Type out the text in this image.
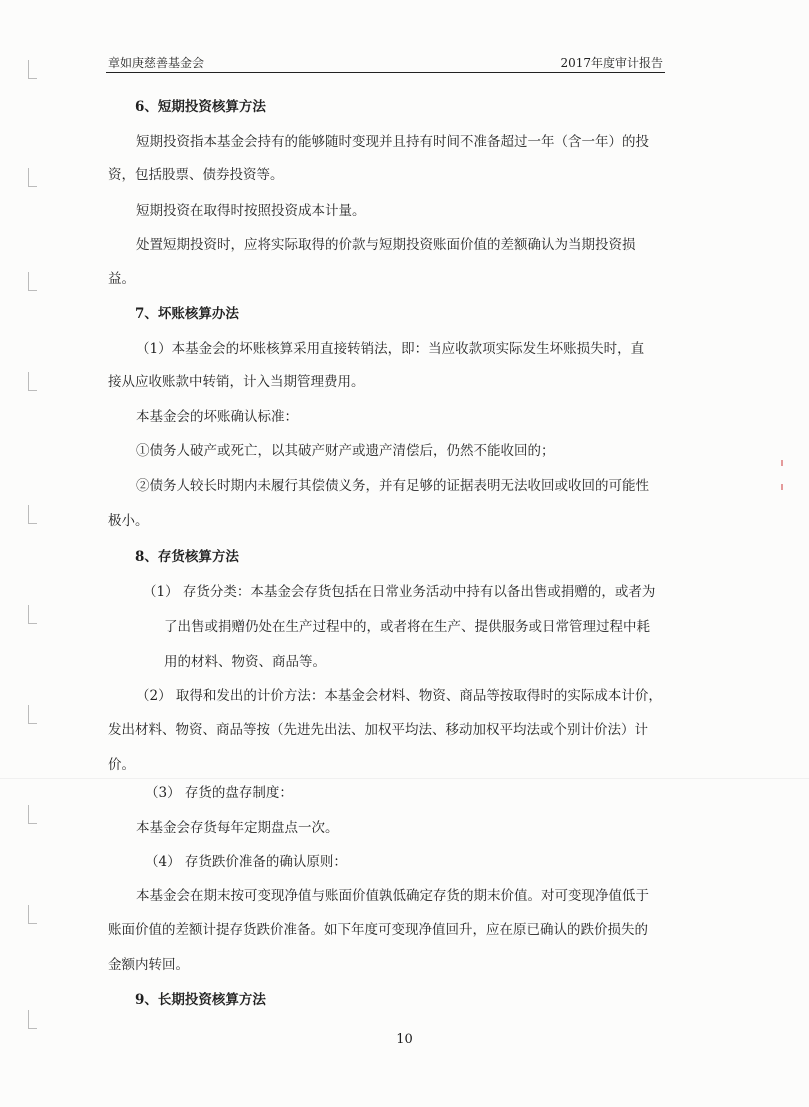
章如庚慈善基金会	2017年度审计报告
6、短期投资核算方法
短期投资指本基金会持有的能够随时变现并且持有时间不准备超过一年（含一年）的投
资，包括股票、债券投资等。
短期投资在取得时按照投资成本计量。
处置短期投资时，应将实际取得的价款与短期投资账面价值的差额确认为当期投资损
益。
7、坏账核算办法
（1）本基金会的坏账核算采用直接转销法，即：当应收款项实际发生坏账损失时，直
接从应收账款中转销，计入当期管理费用。
本基金会的坏账确认标准：
①债务人破产或死亡，以其破产财产或遗产清偿后，仍然不能收回的；
②债务人较长时期内未履行其偿债义务，并有足够的证据表明无法收回或收回的可能性
极小。
8、存货核算方法
（1） 存货分类：本基金会存货包括在日常业务活动中持有以备出售或捐赠的，或者为
了出售或捐赠仍处在生产过程中的，或者将在生产、提供服务或日常管理过程中耗
用的材料、物资、商品等。
（2） 取得和发出的计价方法：本基金会材料、物资、商品等按取得时的实际成本计价，
发出材料、物资、商品等按（先进先出法、加权平均法、移动加权平均法或个别计价法）计
价。
（3） 存货的盘存制度：
本基金会存货每年定期盘点一次。
（4） 存货跌价准备的确认原则：
本基金会在期末按可变现净值与账面价值孰低确定存货的期末价值。对可变现净值低于
账面价值的差额计提存货跌价准备。如下年度可变现净值回升，应在原已确认的跌价损失的
金额内转回。
9、长期投资核算方法
10
